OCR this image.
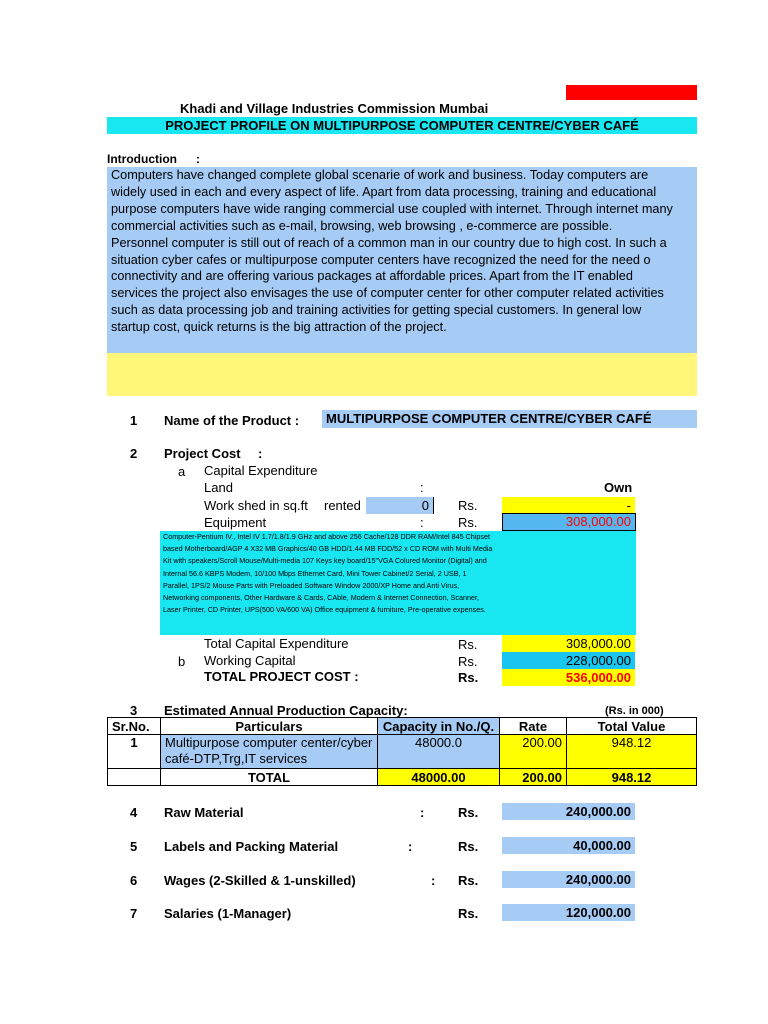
Khadi and Village Industries Commission Mumbai
PROJECT PROFILE ON MULTIPURPOSE COMPUTER CENTRE/CYBER CAFÉ
Introduction :
Computers have changed complete global scenarie of work and business. Today computers are
widely used in each and every aspect of life. Apart from data processing, training and educational
purpose computers have wide ranging commercial use coupled with internet. Through internet many
commercial activities such as e-mail, browsing, web browsing , e-commerce are possible.
Personnel computer is still out of reach of a common man in our country due to high cost. In such a
situation cyber cafes or multipurpose computer centers have recognized the need for the need o
connectivity and are offering various packages at affordable prices. Apart from the IT enabled
services the project also envisages the use of computer center for other computer related activities
such as data processing job and training activities for getting special customers. In general low
startup cost, quick returns is the big attraction of the project.
1 Name of the Product :	MULTIPURPOSE COMPUTER CENTRE/CYBER CAFÉ
2 Project Cost :
a Capital Expenditure
Land	:	Own
Work shed in sq.ft rented	0	Rs.	-
Equipment	:	Rs.	308,000.00
Computer-Pentium IV., Intel IV 1.7/1.8/1.9 GHz and above 256 Cache/128 DDR RAM/Intel 845 Chipset
based Motherboard/AGP 4 X32 MB Graphics/40 GB HDD/1.44 MB FDD/52 x CD ROM with Multi Media
Kit with speakers/Scroll Mouse/Multi-media 107 Keys key board/15"VGA Colured Monitor (Digital) and
Internal 56.6 KBPS Modem, 10/100 Mbps Ethernet Card, Mini Tower Cabinet/2 Serial, 2 USB, 1
Parallel, 1PS/2 Mouse Parts with Preloaded Software Window 2000/XP Home and Anti Virus,
Networking components, Other Hardware & Cards, CAble, Modern & Internet Connection, Scanner,
Laser Printer, CD Printer, UPS(500 VA/600 VA) Office equipment & furniture, Pre-operative expenses.
Total Capital Expenditure	Rs.	308,000.00
b Working Capital	Rs.	228,000.00
TOTAL PROJECT COST :	Rs.	536,000.00
3 Estimated Annual Production Capacity:	(Rs. in 000)
Sr.No.	Particulars	Capacity in No./Q.	Rate	Total Value
1	Multipurpose computer center/cyber
café-DTP,Trg,IT services	48000.0	200.00	948.12
	TOTAL	48000.00	200.00	948.12
4 Raw Material	:	Rs.	240,000.00
5 Labels and Packing Material	:	Rs.	40,000.00
6 Wages (2-Skilled & 1-unskilled)	: Rs.	240,000.00
7 Salaries (1-Manager)	Rs.	120,000.00
